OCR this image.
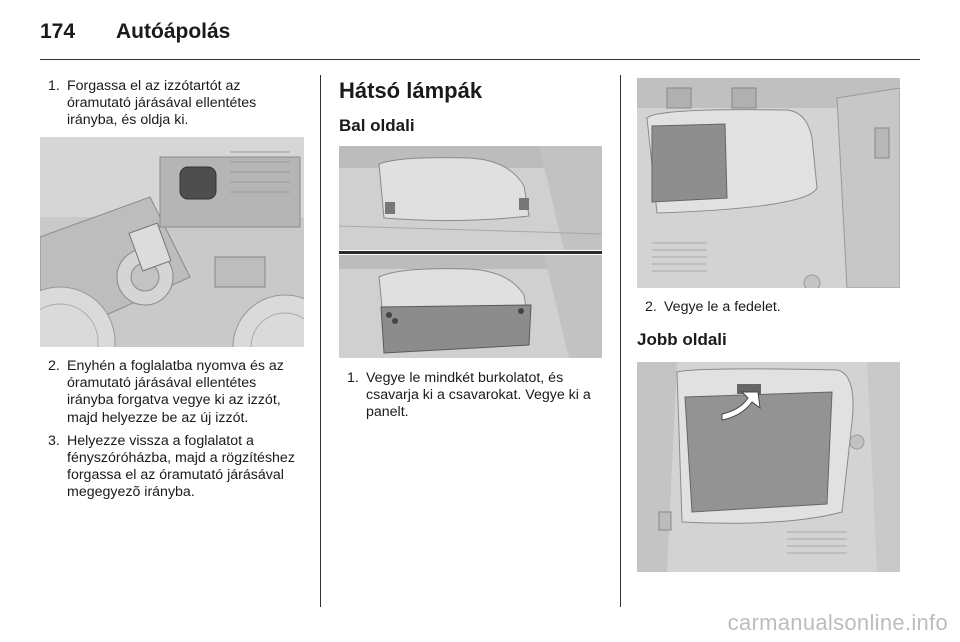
174 Autóápolás

1. Forgassa el az izzótartót az óramutató járásával ellentétes irányba, és oldja ki.

2. Enyhén a foglalatba nyomva és az óramutató járásával ellentétes irányba forgatva vegye ki az izzót, majd helyezze be az új izzót.

3. Helyezze vissza a foglalatot a fényszóróházba, majd a rögzítéshez forgassa el az óramutató járásával megegyezõ irányba.

Hátsó lámpák
Bal oldali

1. Vegye le mindkét burkolatot, és csavarja ki a csavarokat. Vegye ki a panelt.

2. Vegye le a fedelet.

Jobb oldali
carmanualsonline.info
